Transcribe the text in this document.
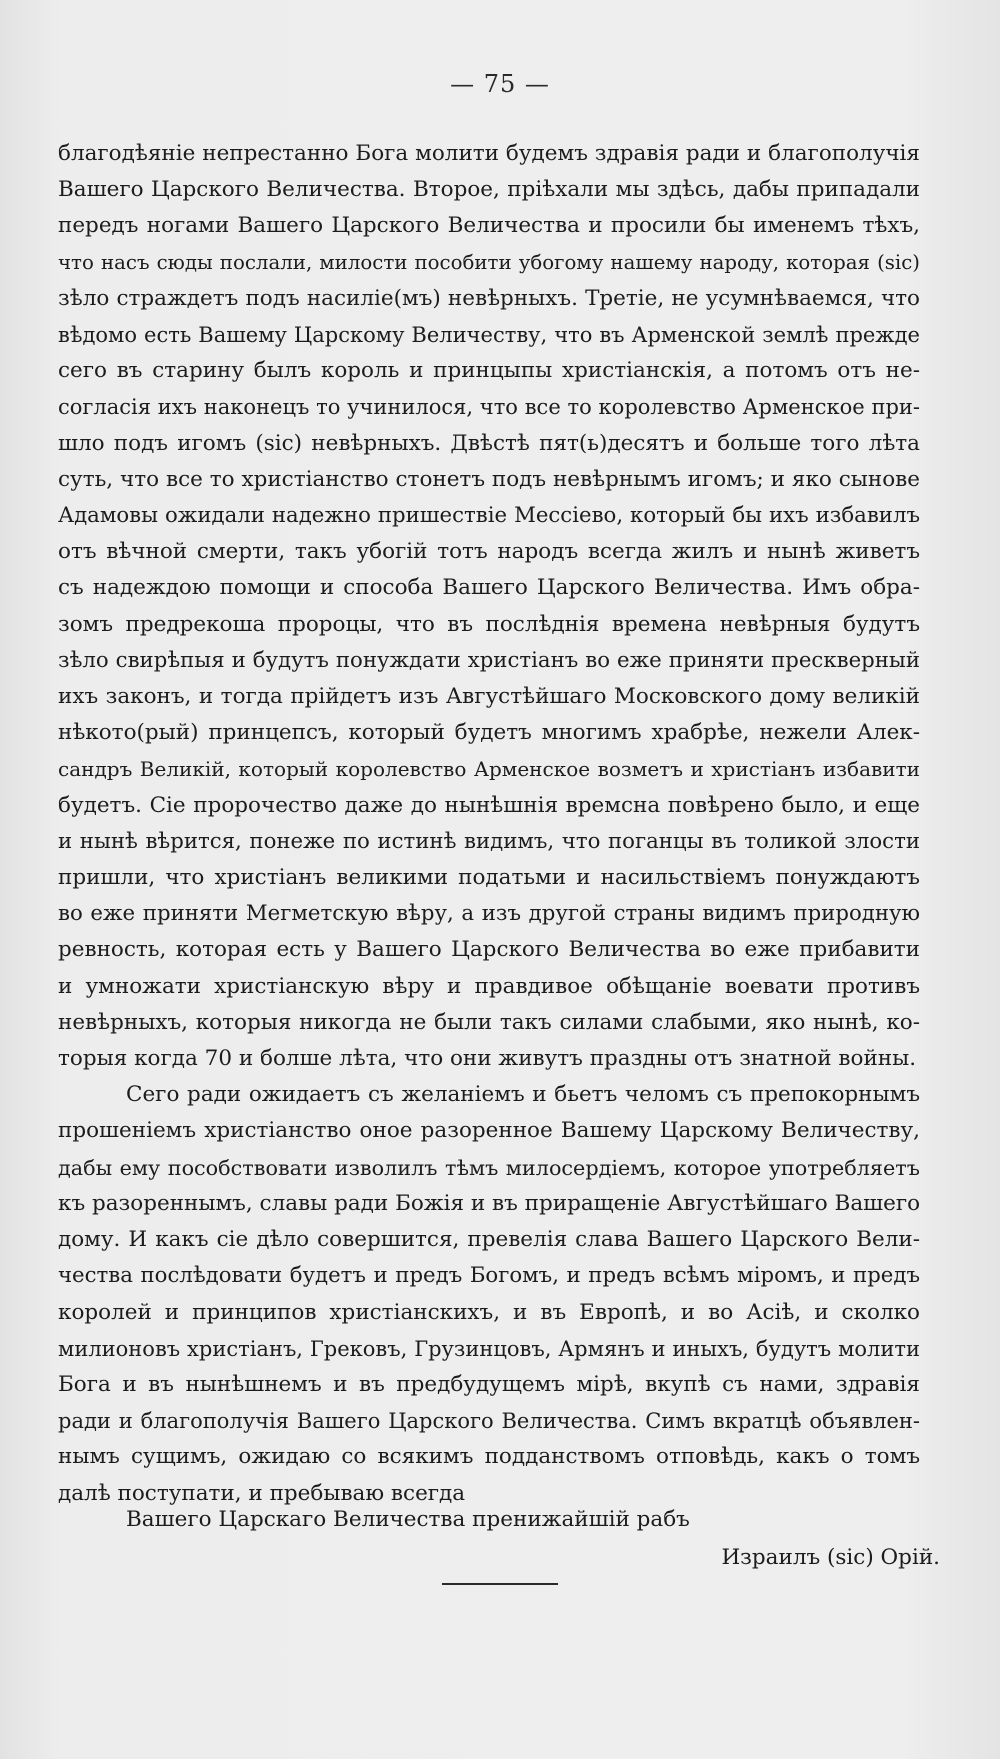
— 75 —
благодѣяніе непрестанно Бога молити будемъ здравія ради и благополучія
Вашего Царского Величества. Второе, пріѣхали мы здѣсь, дабы припадали
передъ ногами Вашего Царского Величества и просили бы именемъ тѣхъ,
что насъ сюды послали, милости пособити убогому нашему народу, которая (sic)
зѣло страждетъ подъ насиліе(мъ) невѣрныхъ. Третіе, не усумнѣваемся, что
вѣдомо есть Вашему Царскому Величеству, что въ Арменской землѣ прежде
сего въ старину былъ король и принцыпы христіанскія, а потомъ отъ не-
согласія ихъ наконецъ то учинилося, что все то королевство Арменское при-
шло подъ игомъ (sic) невѣрныхъ. Двѣстѣ пят(ь)десятъ и больше того лѣта
суть, что все то христіанство стонетъ подъ невѣрнымъ игомъ; и яко сынове
Адамовы ожидали надежно пришествіе Мессіево, который бы ихъ избавилъ
отъ вѣчной смерти, такъ убогій тотъ народъ всегда жилъ и нынѣ живетъ
съ надеждою помощи и способа Вашего Царского Величества. Имъ обра-
зомъ предрекоша пророцы, что въ послѣднія времена невѣрныя будутъ
зѣло свирѣпыя и будутъ понуждати христіанъ во еже приняти прескверный
ихъ законъ, и тогда прійдетъ изъ Августѣйшаго Московского дому великій
нѣкото(рый) принцепсъ, который будетъ многимъ храбрѣе, нежели Алек-
сандръ Великій, который королевство Арменское возметъ и христіанъ избавити
будетъ. Сіе пророчество даже до нынѣшнія времсна повѣрено было, и еще
и нынѣ вѣрится, понеже по истинѣ видимъ, что поганцы въ толикой злости
пришли, что христіанъ великими податьми и насильствіемъ понуждаютъ
во еже приняти Мегметскую вѣру, а изъ другой страны видимъ природную
ревность, которая есть у Вашего Царского Величества во еже прибавити
и умножати христіанскую вѣру и правдивое обѣщаніе воевати противъ
невѣрныхъ, которыя никогда не были такъ силами слабыми, яко нынѣ, ко-
торыя когда 70 и болше лѣта, что они живутъ праздны отъ знатной войны.
Сего ради ожидаетъ съ желаніемъ и бьетъ челомъ съ препокорнымъ
прошеніемъ христіанство оное разоренное Вашему Царскому Величеству,
дабы ему пособствовати изволилъ тѣмъ милосердіемъ, которое употребляетъ
къ разореннымъ, славы ради Божія и въ приращеніе Августѣйшаго Вашего
дому. И какъ сіе дѣло совершится, превелія слава Вашего Царского Вели-
чества послѣдовати будетъ и предъ Богомъ, и предъ всѣмъ міромъ, и предъ
королей и принципов христіанскихъ, и въ Европѣ, и во Асіѣ, и сколко
милионовъ христіанъ, Грековъ, Грузинцовъ, Армянъ и иныхъ, будутъ молити
Бога и въ нынѣшнемъ и въ предбудущемъ мірѣ, вкупѣ съ нами, здравія
ради и благополучія Вашего Царского Величества. Симъ вкратцѣ объявлен-
нымъ сущимъ, ожидаю со всякимъ подданствомъ отповѣдь, какъ о томъ
далѣ поступати, и пребываю всегда
Вашего Царскаго Величества пренижайшій рабъ
Израилъ (sic) Орій.
